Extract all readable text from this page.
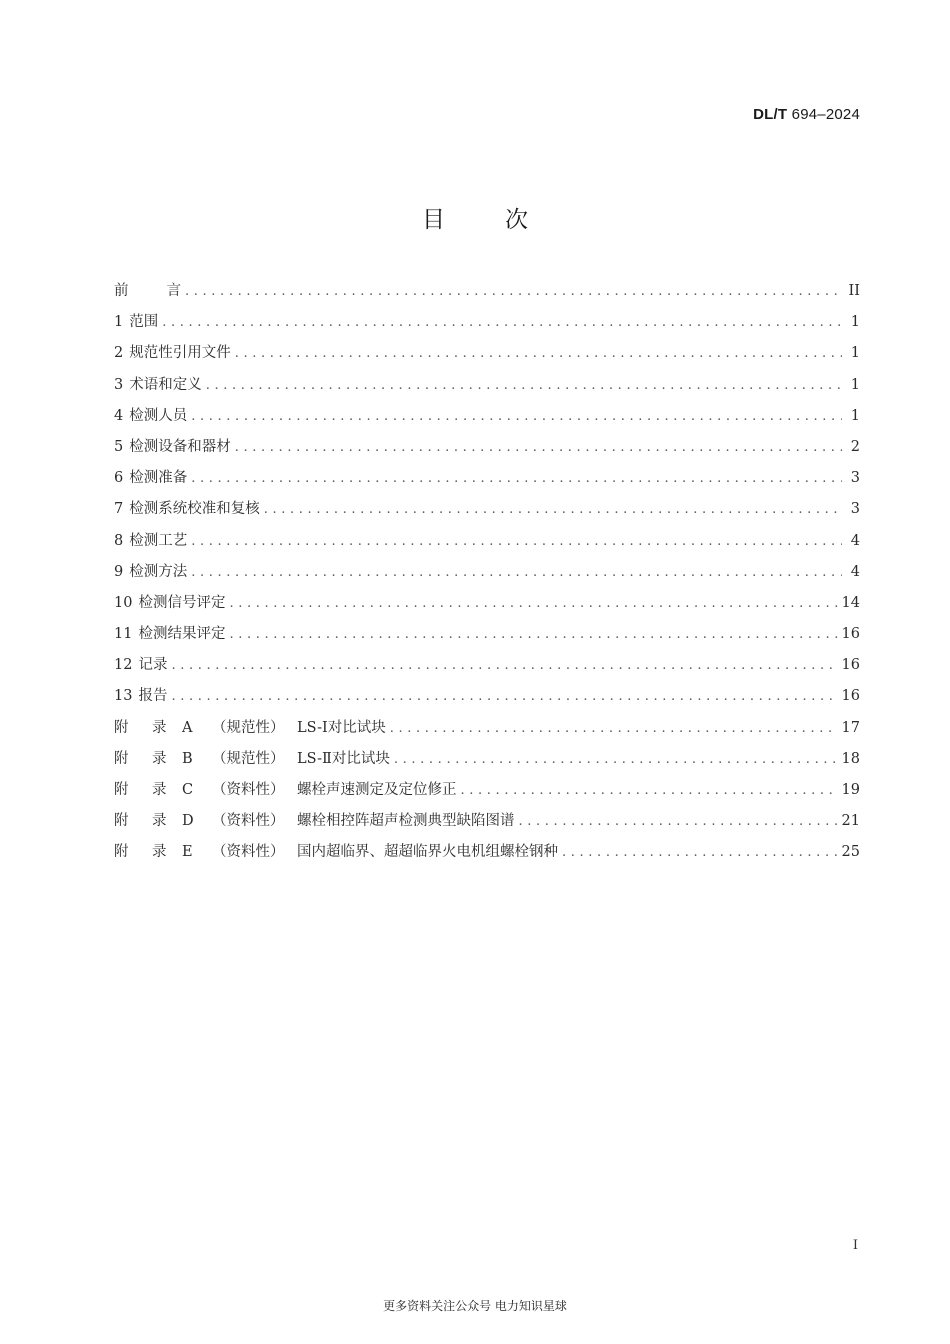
DL/T 694–2024
目	次
前	言 . . .	II
1 范围 . . .	1
2 规范性引用文件 . . .	1
3 术语和定义 . . .	1
4 检测人员 . . .	1
5 检测设备和器材 . . .	2
6 检测准备 . . .	3
7 检测系统校准和复核 . . .	3
8 检测工艺 . . .	4
9 检测方法 . . .	4
10 检测信号评定 . . .	14
11 检测结果评定 . . .	16
12 记录 . . .	16
13 报告 . . .	16
附	录	A	（规范性） LS-Ⅰ对比试块 . . .	17
附	录	B	（规范性） LS-Ⅱ对比试块 . . .	18
附	录	C	（资料性） 螺栓声速测定及定位修正 . . .	19
附	录	D	（资料性） 螺栓相控阵超声检测典型缺陷图谱 . . .	21
附	录	E	（资料性） 国内超临界、超超临界火电机组螺栓钢种 . . .	25
I
更多资料关注公众号 电力知识星球
